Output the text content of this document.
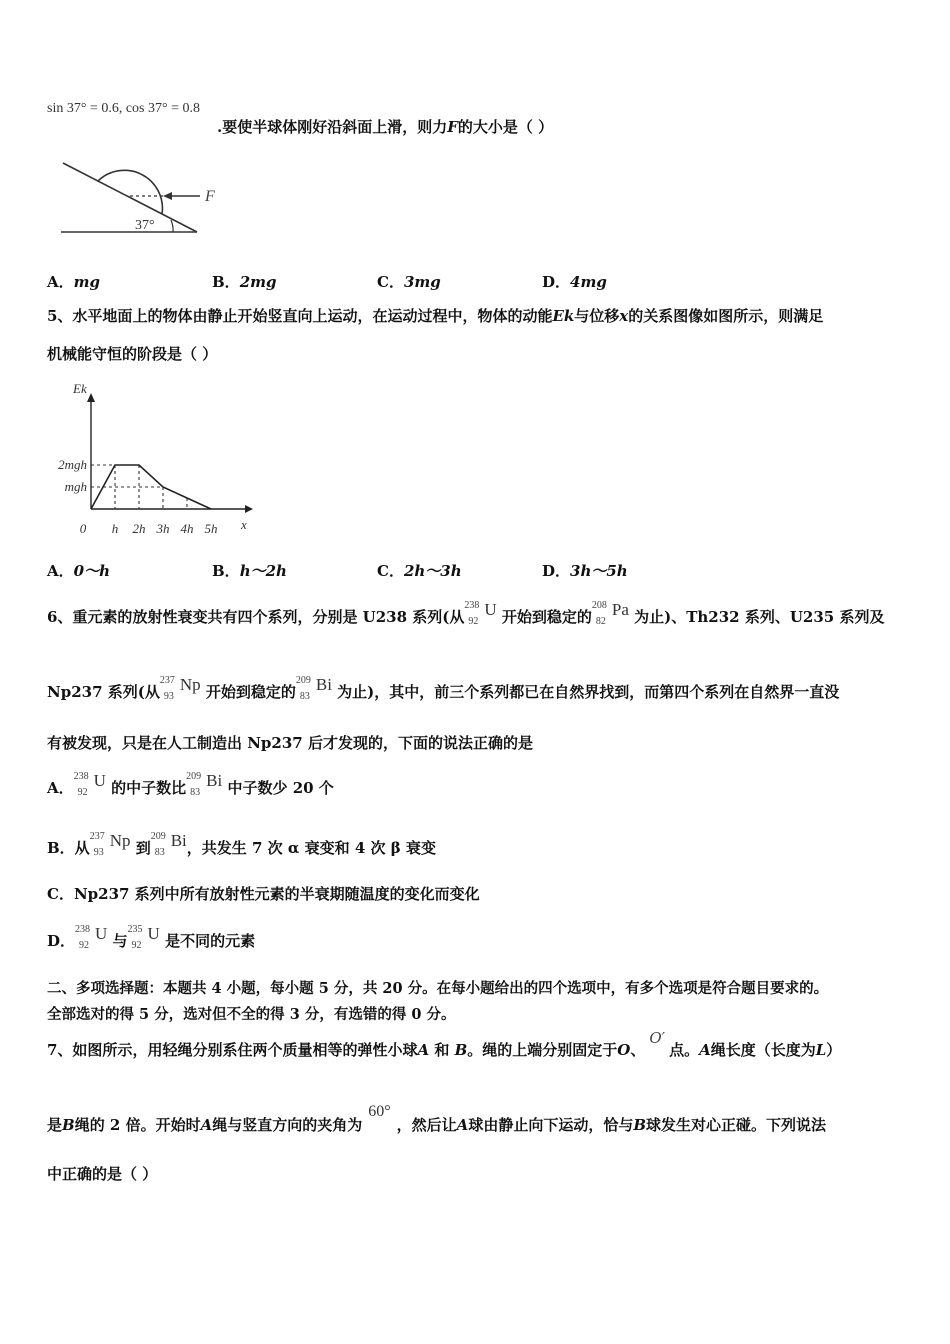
sin 37° = 0.6, cos 37° = 0.8
.要使半球体刚好沿斜面上滑，则力F的大小是（ ）
F
37°
A．mg	B．2mg	C．3mg	D．4mg
5、水平地面上的物体由静止开始竖直向上运动，在运动过程中，物体的动能Ek与位移x的关系图像如图所示，则满足
机械能守恒的阶段是（ ）
Ek
x
mgh
2mgh
0 h 2h 3h 4h 5h
A．0～h	B．h～2h	C．2h～3h	D．3h～5h
6、重元素的放射性衰变共有四个系列，分别是 U238 系列(从
238
92
U 开始到稳定的
208
82
Pa 为止)、Th232 系列、U235 系列及
Np237 系列(从
237
93
Np 开始到稳定的
209
83
Bi 为止)，其中，前三个系列都已在自然界找到，而第四个系列在自然界一直没
有被发现，只是在人工制造出 Np237 后才发现的，下面的说法正确的是
A．
238
92
U 的中子数比
209
83
Bi 中子数少 20 个
B．从
237
93
Np 到
209
83
Bi，共发生 7 次 α 衰变和 4 次 β 衰变
C．Np237 系列中所有放射性元素的半衰期随温度的变化而变化
D．
238
92
U 与
235
92
U 是不同的元素
二、多项选择题：本题共 4 小题，每小题 5 分，共 20 分。在每小题给出的四个选项中，有多个选项是符合题目要求的。
全部选对的得 5 分，选对但不全的得 3 分，有选错的得 0 分。
7、如图所示，用轻绳分别系住两个质量相等的弹性小球A 和 B。绳的上端分别固定于O、O′点。A绳长度（长度为L）
是B绳的 2 倍。开始时A绳与竖直方向的夹角为60°，然后让A球由静止向下运动，恰与B球发生对心正碰。下列说法
中正确的是（ ）
